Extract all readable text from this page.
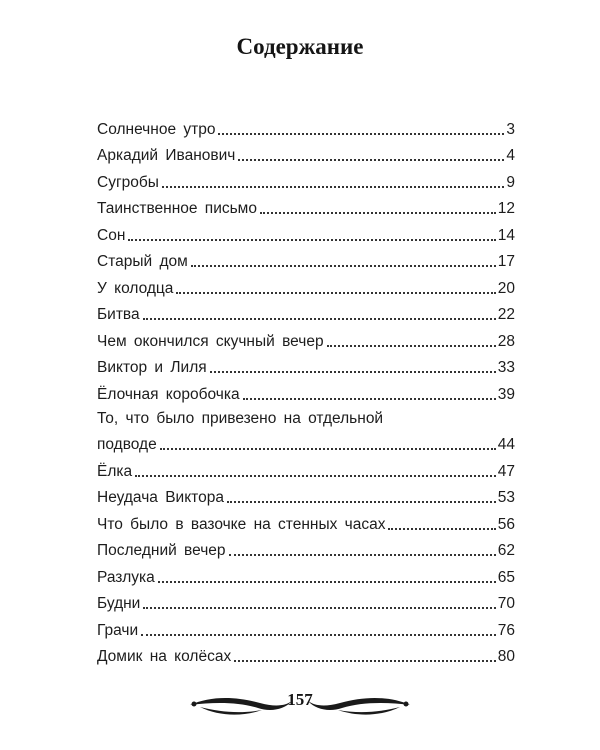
Содержание
Солнечное утро	3
Аркадий Иванович	4
Сугробы	9
Таинственное письмо	12
Сон	14
Старый дом	17
У колодца	20
Битва	22
Чем окончился скучный вечер	28
Виктор и Лиля	33
Ёлочная коробочка	39
То, что было привезено на отдельной
подводе	44
Ёлка	47
Неудача Виктора	53
Что было в вазочке на стенных часах	56
Последний вечер	62
Разлука	65
Будни	70
Грачи	76
Домик на колёсах	80
157
